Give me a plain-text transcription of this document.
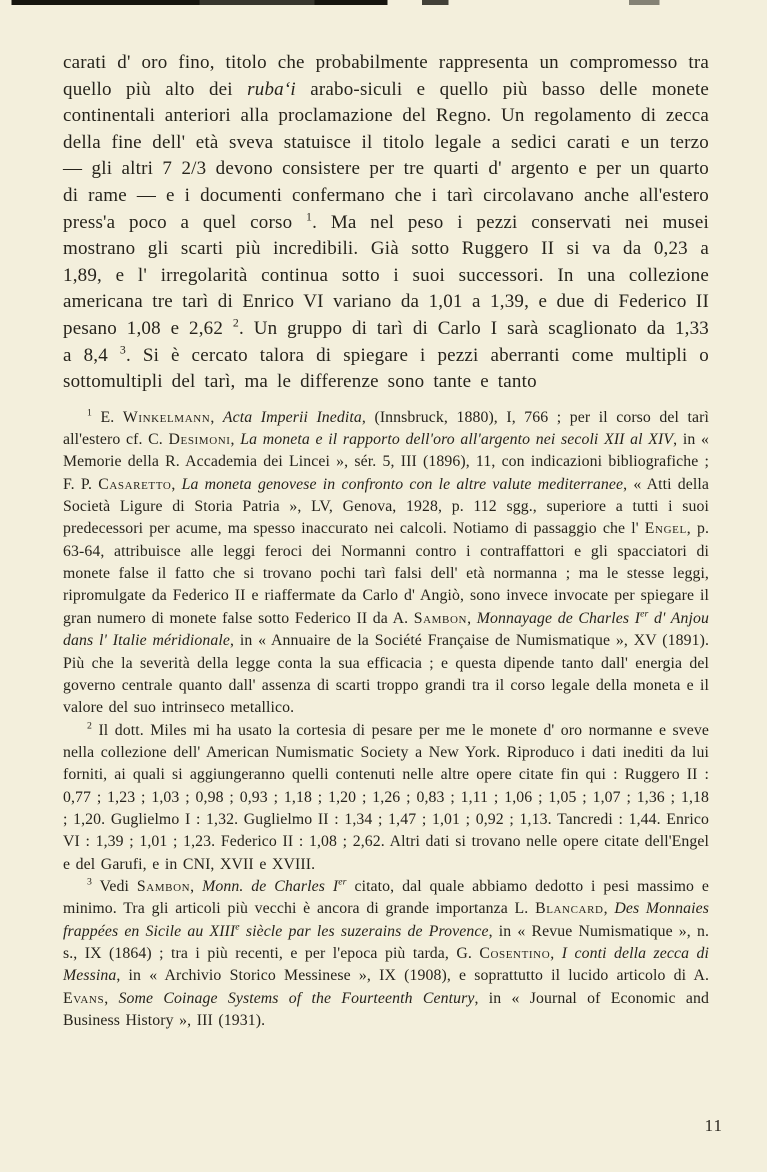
carati d' oro fino, titolo che probabilmente rappresenta un compromesso tra quello più alto dei rubaʻi arabo-siculi e quello più basso delle monete continentali anteriori alla proclamazione del Regno. Un regolamento di zecca della fine dell' età sveva statuisce il titolo legale a sedici carati e un terzo — gli altri 7 2/3 devono consistere per tre quarti d' argento e per un quarto di rame — e i documenti confermano che i tarì circolavano anche all'estero press'a poco a quel corso $^1$. Ma nel peso i pezzi conservati nei musei mostrano gli scarti più incredibili. Già sotto Ruggero II si va da 0,23 a 1,89, e l' irregolarità continua sotto i suoi successori. In una collezione americana tre tarì di Enrico VI variano da 1,01 a 1,39, e due di Federico II pesano 1,08 e 2,62 $^2$. Un gruppo di tarì di Carlo I sarà scaglionato da 1,33 a 8,4 $^3$. Si è cercato talora di spiegare i pezzi aberranti come multipli o sottomultipli del tarì, ma le differenze sono tante e tanto

$^1$ E. Winkelmann, Acta Imperii Inedita, (Innsbruck, 1880), I, 766 ; per il corso del tarì all'estero cf. C. Desimoni, La moneta e il rapporto dell'oro all'argento nei secoli XII al XIV, in « Memorie della R. Accademia dei Lincei », sér. 5, III (1896), 11, con indicazioni bibliografiche ; F. P. Casaretto, La moneta genovese in confronto con le altre valute mediterranee, « Atti della Società Ligure di Storia Patria », LV, Genova, 1928, p. 112 sgg., superiore a tutti i suoi predecessori per acume, ma spesso inaccurato nei calcoli. Notiamo di passaggio che l' Engel, p. 63-64, attribuisce alle leggi feroci dei Normanni contro i contraffattori e gli spacciatori di monete false il fatto che si trovano pochi tarì falsi dell' età normanna ; ma le stesse leggi, ripromulgate da Federico II e riaffermate da Carlo d' Angiò, sono invece invocate per spiegare il gran numero di monete false sotto Federico II da A. Sambon, Monnayage de Charles Ier d' Anjou dans l' Italie méridionale, in « Annuaire de la Société Française de Numismatique », XV (1891). Più che la severità della legge conta la sua efficacia ; e questa dipende tanto dall' energia del governo centrale quanto dall' assenza di scarti troppo grandi tra il corso legale della moneta e il valore del suo intrinseco metallico.

$^2$ Il dott. Miles mi ha usato la cortesia di pesare per me le monete d' oro normanne e sveve nella collezione dell' American Numismatic Society a New York. Riproduco i dati inediti da lui forniti, ai quali si aggiungeranno quelli contenuti nelle altre opere citate fin qui : Ruggero II : 0,77 ; 1,23 ; 1,03 ; 0,98 ; 0,93 ; 1,18 ; 1,20 ; 1,26 ; 0,83 ; 1,11 ; 1,06 ; 1,05 ; 1,07 ; 1,36 ; 1,18 ; 1,20. Guglielmo I : 1,32. Guglielmo II : 1,34 ; 1,47 ; 1,01 ; 0,92 ; 1,13. Tancredi : 1,44. Enrico VI : 1,39 ; 1,01 ; 1,23. Federico II : 1,08 ; 2,62. Altri dati si trovano nelle opere citate dell'Engel e del Garufi, e in CNI, XVII e XVIII.

$^3$ Vedi Sambon, Monn. de Charles Ier citato, dal quale abbiamo dedotto i pesi massimo e minimo. Tra gli articoli più vecchi è ancora di grande importanza L. Blancard, Des Monnaies frappées en Sicile au XIIIe siècle par les suzerains de Provence, in « Revue Numismatique », n. s., IX (1864) ; tra i più recenti, e per l'epoca più tarda, G. Cosentino, I conti della zecca di Messina, in « Archivio Storico Messinese », IX (1908), e soprattutto il lucido articolo di A. Evans, Some Coinage Systems of the Fourteenth Century, in « Journal of Economic and Business History », III (1931).

11
